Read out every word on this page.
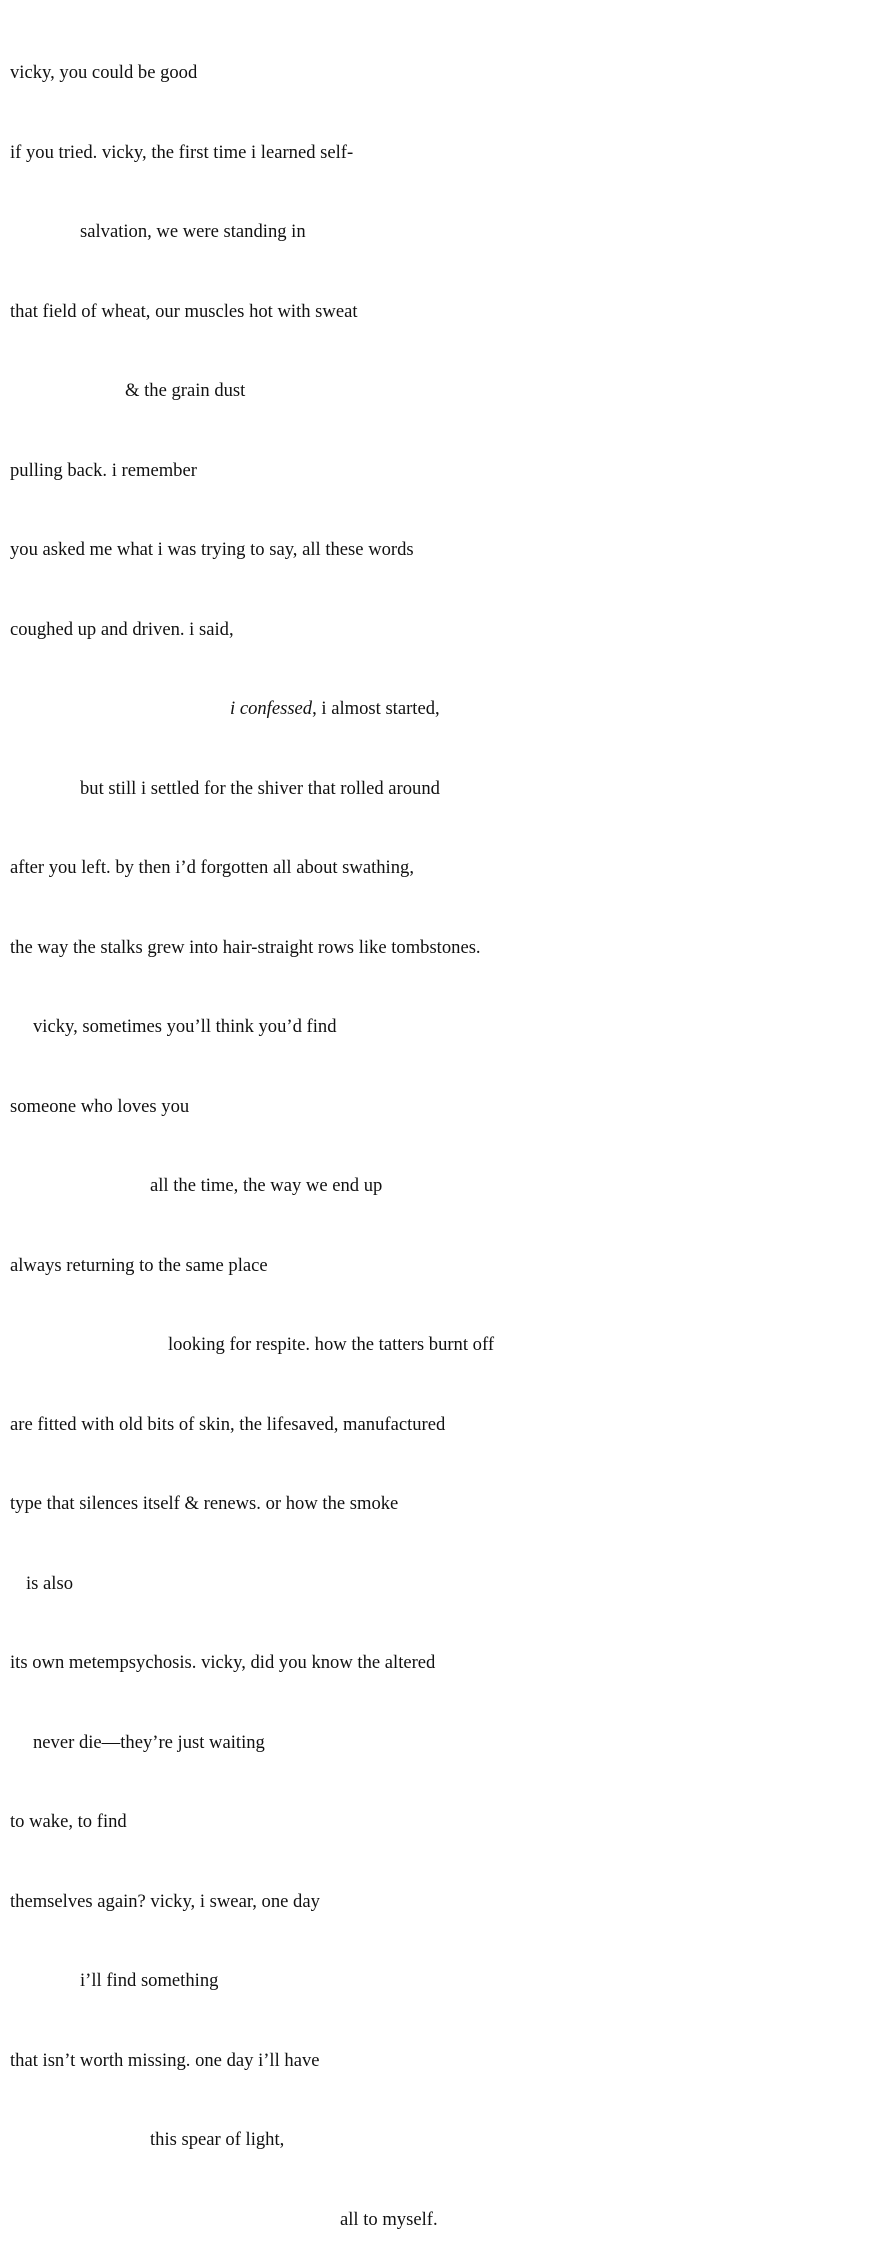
vicky, you could be good

if you tried. vicky, the first time i learned self-

salvation, we were standing in

that field of wheat, our muscles hot with sweat

& the grain dust

pulling back. i remember

you asked me what i was trying to say, all these words

coughed up and driven. i said,

i confessed, i almost started,

but still i settled for the shiver that rolled around

after you left. by then i’d forgotten all about swathing,

the way the stalks grew into hair-straight rows like tombstones.

vicky, sometimes you’ll think you’d find

someone who loves you

all the time, the way we end up

always returning to the same place

looking for respite. how the tatters burnt off

are fitted with old bits of skin, the lifesaved, manufactured

type that silences itself & renews. or how the smoke

is also

its own metempsychosis. vicky, did you know the altered

never die—they’re just waiting

to wake, to find

themselves again? vicky, i swear, one day

i’ll find something

that isn’t worth missing. one day i’ll have

this spear of light,

all to myself.
